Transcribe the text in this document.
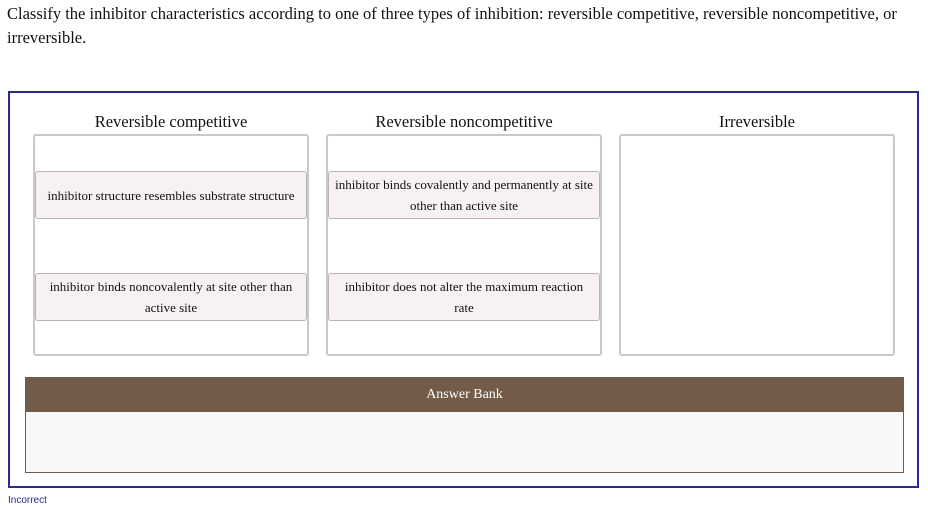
Classify the inhibitor characteristics according to one of three types of inhibition: reversible competitive, reversible noncompetitive, or irreversible.
Reversible competitive
inhibitor structure resembles substrate structure
inhibitor binds noncovalently at site other than active site
Reversible noncompetitive
inhibitor binds covalently and permanently at site other than active site
inhibitor does not alter the maximum reaction rate
Irreversible
Answer Bank
Incorrect
